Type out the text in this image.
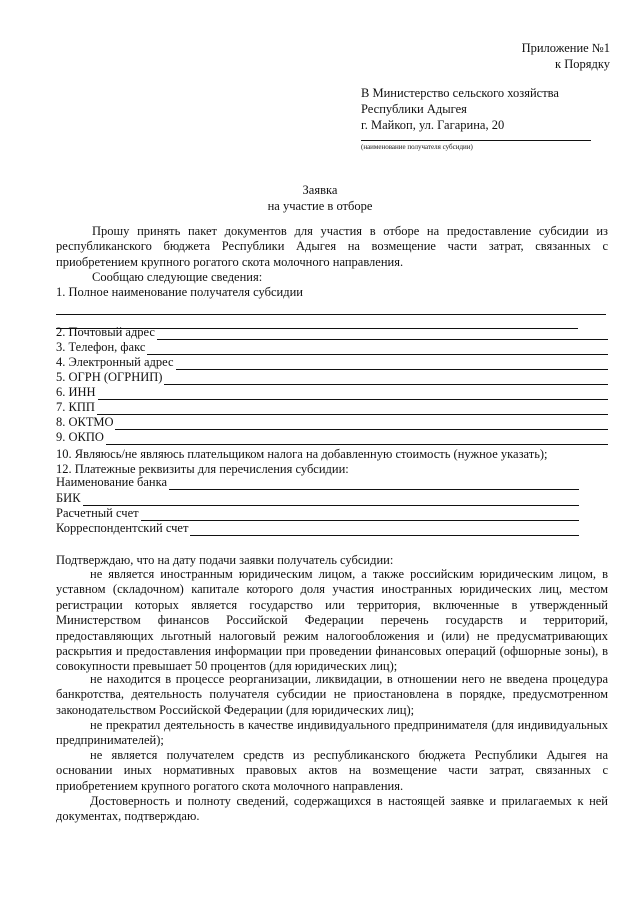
Приложение №1
к Порядку
В Министерство сельского хозяйства
Республики Адыгея
г. Майкоп, ул. Гагарина, 20
(наименование получателя субсидии)
Заявка
на участие в отборе
Прошу принять пакет документов для участия в отборе на предоставление субсидии из республиканского бюджета Республики Адыгея на возмещение части затрат, связанных с приобретением крупного рогатого скота молочного направления.
Сообщаю следующие сведения:
1. Полное наименование получателя субсидии
2. Почтовый адрес
3. Телефон, факс
4. Электронный адрес
5. ОГРН (ОГРНИП)
6. ИНН
7. КПП
8. ОКТМО
9. ОКПО
10. Являюсь/не являюсь плательщиком налога на добавленную стоимость (нужное указать);
12. Платежные реквизиты для перечисления субсидии:
Наименование банка
БИК
Расчетный счет
Корреспондентский счет
Подтверждаю, что на дату подачи заявки получатель субсидии:
не является иностранным юридическим лицом, а также российским юридическим лицом, в уставном (складочном) капитале которого доля участия иностранных юридических лиц, местом регистрации которых является государство или территория, включенные в утвержденный Министерством финансов Российской Федерации перечень государств и территорий, предоставляющих льготный налоговый режим налогообложения и (или) не предусматривающих раскрытия и предоставления информации при проведении финансовых операций (офшорные зоны), в совокупности превышает 50 процентов (для юридических лиц);
не находится в процессе реорганизации, ликвидации, в отношении него не введена процедура банкротства, деятельность получателя субсидии не приостановлена в порядке, предусмотренном законодательством Российской Федерации (для юридических лиц);
не прекратил деятельность в качестве индивидуального предпринимателя (для индивидуальных предпринимателей);
не является получателем средств из республиканского бюджета Республики Адыгея на основании иных нормативных правовых актов на возмещение части затрат, связанных с приобретением крупного рогатого скота молочного направления.
Достоверность и полноту сведений, содержащихся в настоящей заявке и прилагаемых к ней документах, подтверждаю.
